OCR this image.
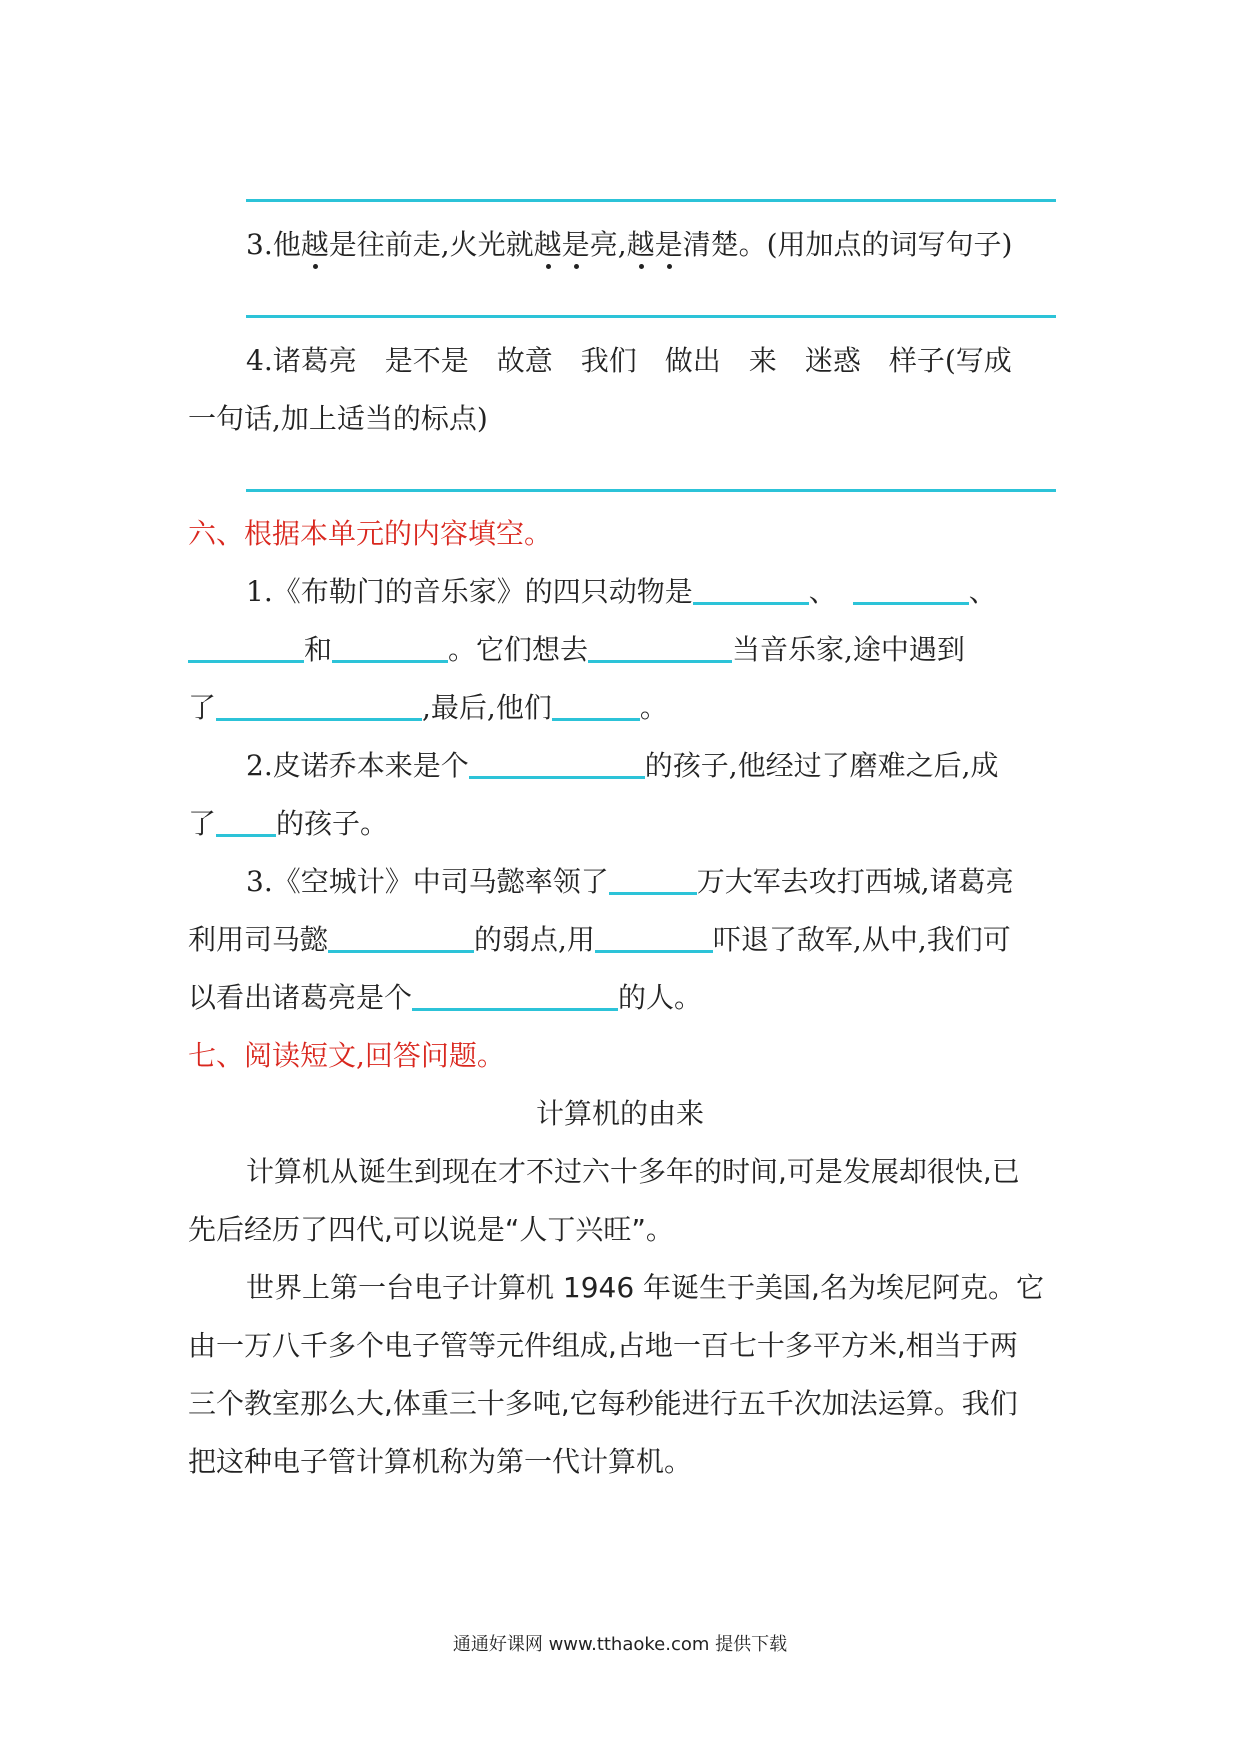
3.他越是往前走,火光就越是亮,越是清楚。(用加点的词写句子)
4.诸葛亮 是不是 故意 我们 做出 来 迷惑 样子(写成
一句话,加上适当的标点)
六、根据本单元的内容填空。
1.《布勒门的音乐家》的四只动物是	、	、
和	。它们想去	当音乐家,途中遇到
了	,最后,他们	。
2.皮诺乔本来是个	的孩子,他经过了磨难之后,成
了 的孩子。
3.《空城计》中司马懿率领了	万大军去攻打西城,诸葛亮
利用司马懿	的弱点,用	吓退了敌军,从中,我们可
以看出诸葛亮是个	的人。
七、阅读短文,回答问题。
计算机的由来
计算机从诞生到现在才不过六十多年的时间,可是发展却很快,已
先后经历了四代,可以说是“人丁兴旺”。
世界上第一台电子计算机 1946 年诞生于美国,名为埃尼阿克。它
由一万八千多个电子管等元件组成,占地一百七十多平方米,相当于两
三个教室那么大,体重三十多吨,它每秒能进行五千次加法运算。我们
把这种电子管计算机称为第一代计算机。
通通好课网 www.tthaoke.com 提供下载
